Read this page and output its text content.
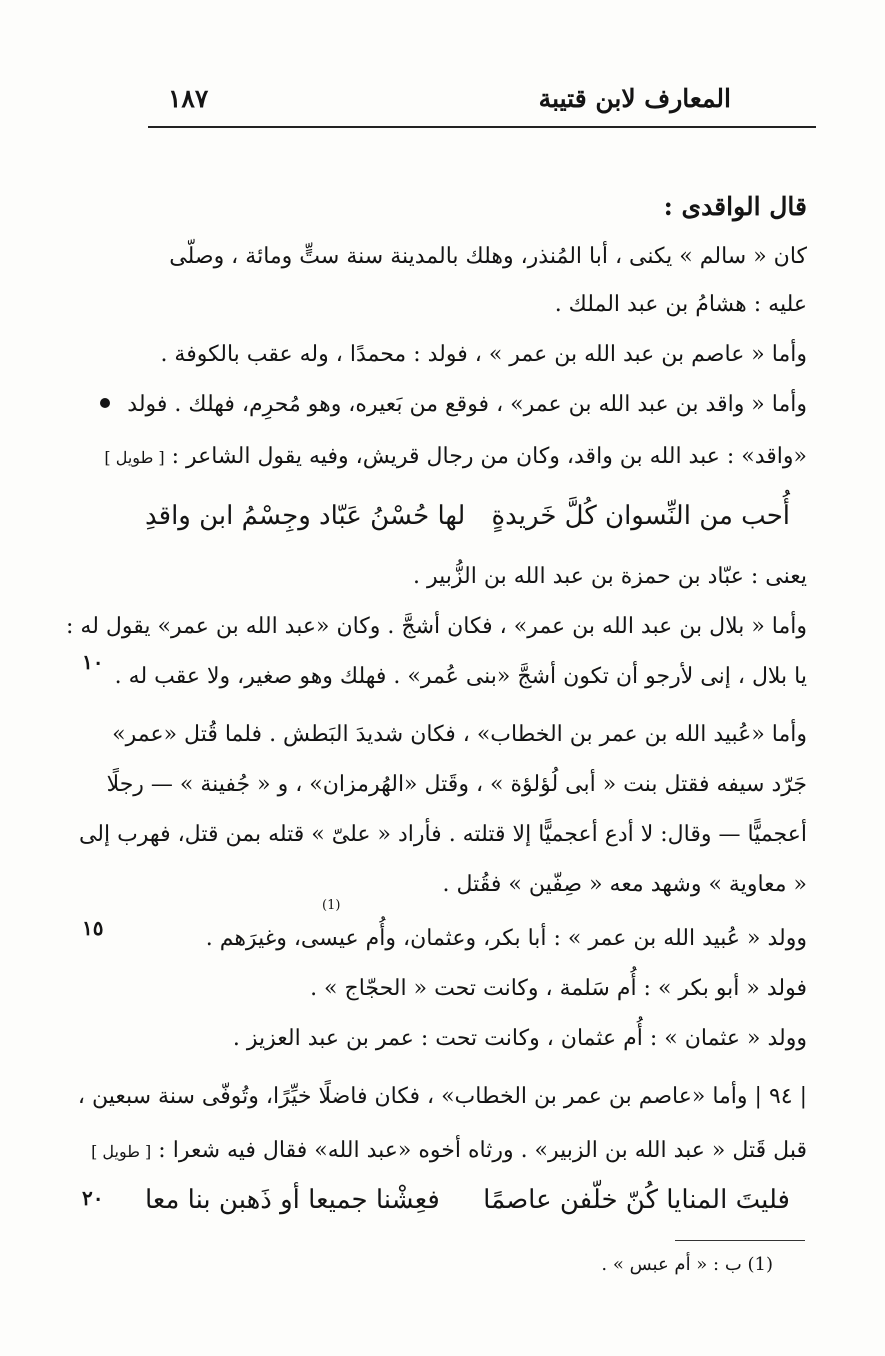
المعارف لابن قتيبة
١٨٧
قال الواقدى :
كان « سالم » يكنى ، أبا المُنذر، وهلك بالمدينة سنة ستٍّ ومائة ، وصلّى
عليه : هشامُ بن عبد الملك .
وأما « عاصم بن عبد الله بن عمر » ، فولد : محمدًا ، وله عقب بالكوفة .
وأما « واقد بن عبد الله بن عمر» ، فوقع من بَعيره، وهو مُحرِم، فهلك . فولد
«واقد» : عبد الله بن واقد، وكان من رجال قريش، وفيه يقول الشاعر : [ طويل ]
أُحب من النِّسوان كُلَّ خَريدةٍ
لها حُسْنُ عَبّاد وجِسْمُ ابن واقدِ
يعنى : عبّاد بن حمزة بن عبد الله بن الزُّبير .
وأما « بلال بن عبد الله بن عمر» ، فكان أشجَّ . وكان «عبد الله بن عمر» يقول له :
يا بلال ، إنى لأرجو أن تكون أشجَّ «بنى عُمر» . فهلك وهو صغير، ولا عقب له .
وأما «عُبيد الله بن عمر بن الخطاب» ، فكان شديدَ البَطش . فلما قُتل «عمر»
جَرّد سيفه فقتل بنت « أبى لُؤلؤة » ، وقَتل «الهُرمزان» ، و « جُفينة » — رجلًا
أعجميًّا — وقال: لا أدع أعجميًّا إلا قتلته . فأراد « علىّ » قتله بمن قتل، فهرب إلى
« معاوية » وشهد معه « صِفّين » فقُتل .
وولد « عُبيد الله بن عمر » : أبا بكر، وعثمان، وأُم عيسى، وغيرَهم .
فولد « أبو بكر » : أُم سَلمة ، وكانت تحت « الحجّاج » .
وولد « عثمان » : أُم عثمان ، وكانت تحت : عمر بن عبد العزيز .
| ٩٤ | وأما «عاصم بن عمر بن الخطاب» ، فكان فاضلًا خيِّرًا، وتُوفّى سنة سبعين ،
قبل قَتل « عبد الله بن الزبير» . ورثاه أخوه «عبد الله» فقال فيه شعرا : [ طويل ]
فليتَ المنايا كُنّ خلّفن عاصمًا
فعِشْنا جميعا أو ذَهبن بنا معا
١٠
١٥
٢٠
(1)
(1) ب : « أم عبس » .
